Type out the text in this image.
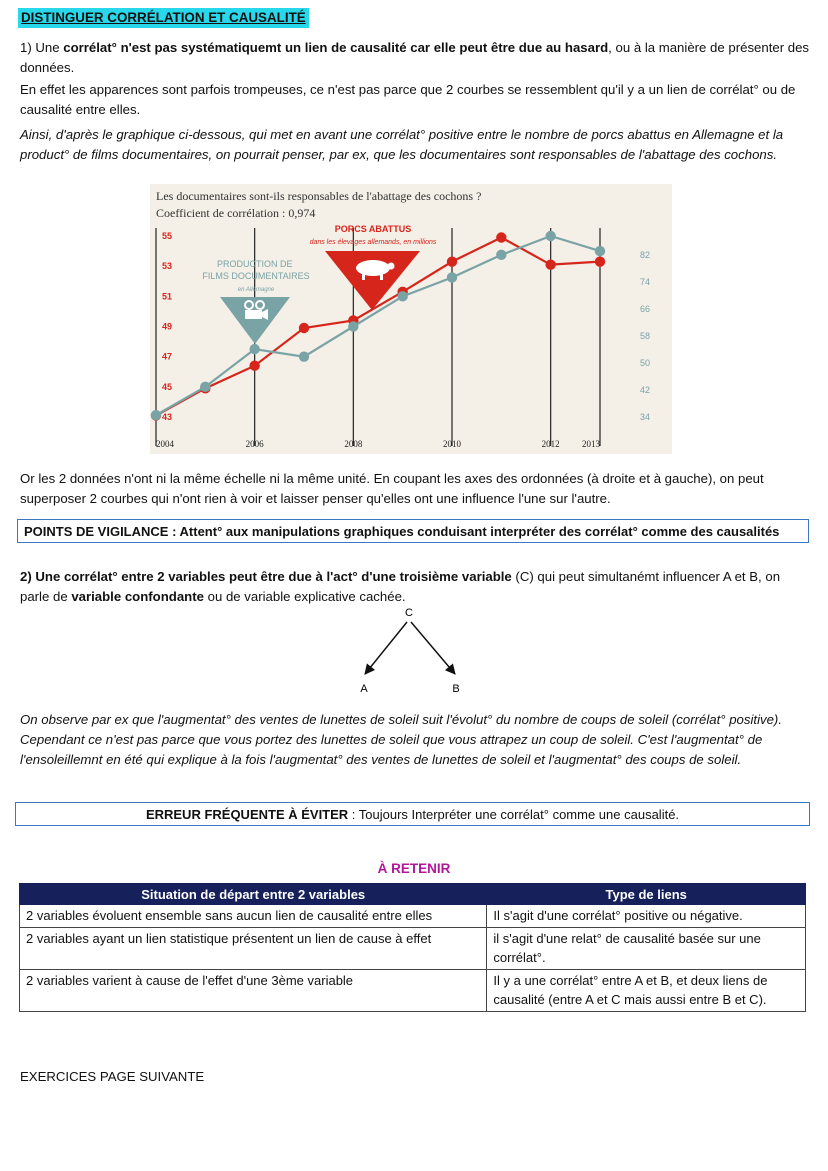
DISTINGUER CORRÉLATION ET CAUSALITÉ
1) Une corrélat° n'est pas systématiquemt un lien de causalité car elle peut être due au hasard, ou à la manière de présenter des données.
En effet les apparences sont parfois trompeuses, ce n'est pas parce que 2 courbes se ressemblent qu'il y a un lien de corrélat° ou de causalité entre elles.
Ainsi, d'après le graphique ci-dessous, qui met en avant une corrélat° positive entre le nombre de porcs abattus en Allemagne et la product° de films documentaires, on pourrait penser, par ex, que les documentaires sont responsables de l'abattage des cochons.
Les documentaires sont-ils responsables de l'abattage des cochons ?
Coefficient de corrélation : 0,974
2004	2006	2008	2010	2012 2013
55
53
51
49
47
45
43
82
74
66
58
50
42
34
PORCS ABATTUS
dans les élevages allemands, en millions
PRODUCTION DE FILMS DOCUMENTAIRES
en Allemagne
Or les 2 données n'ont ni la même échelle ni la même unité. En coupant les axes des ordonnées (à droite et à gauche), on peut superposer 2 courbes qui n'ont rien à voir et laisser penser qu'elles ont une influence l'une sur l'autre.
POINTS DE VIGILANCE : Attent° aux manipulations graphiques conduisant interpréter des corrélat° comme des causalités
2) Une corrélat° entre 2 variables peut être due à l'act° d'une troisième variable (C) qui peut simultanémt influencer A et B, on parle de variable confondante ou de variable explicative cachée.
C
A	B
On observe par ex que l'augmentat° des ventes de lunettes de soleil suit l'évolut° du nombre de coups de soleil (corrélat° positive). Cependant ce n'est pas parce que vous portez des lunettes de soleil que vous attrapez un coup de soleil. C'est l'augmentat° de l'ensoleillemnt en été qui explique à la fois l'augmentat° des ventes de lunettes de soleil et l'augmentat° des coups de soleil.
ERREUR FRÉQUENTE À ÉVITER : Toujours Interpréter une corrélat° comme une causalité.
À RETENIR
Situation de départ entre 2 variables	Type de liens
2 variables évoluent ensemble sans aucun lien de causalité entre elles	Il s'agit d'une corrélat° positive ou négative.
2 variables ayant un lien statistique présentent un lien de cause à effet	il s'agit d'une relat° de causalité basée sur une corrélat°.
2 variables varient à cause de l'effet d'une 3ème variable	Il y a une corrélat° entre A et B, et deux liens de causalité (entre A et C mais aussi entre B et C).
EXERCICES PAGE SUIVANTE
